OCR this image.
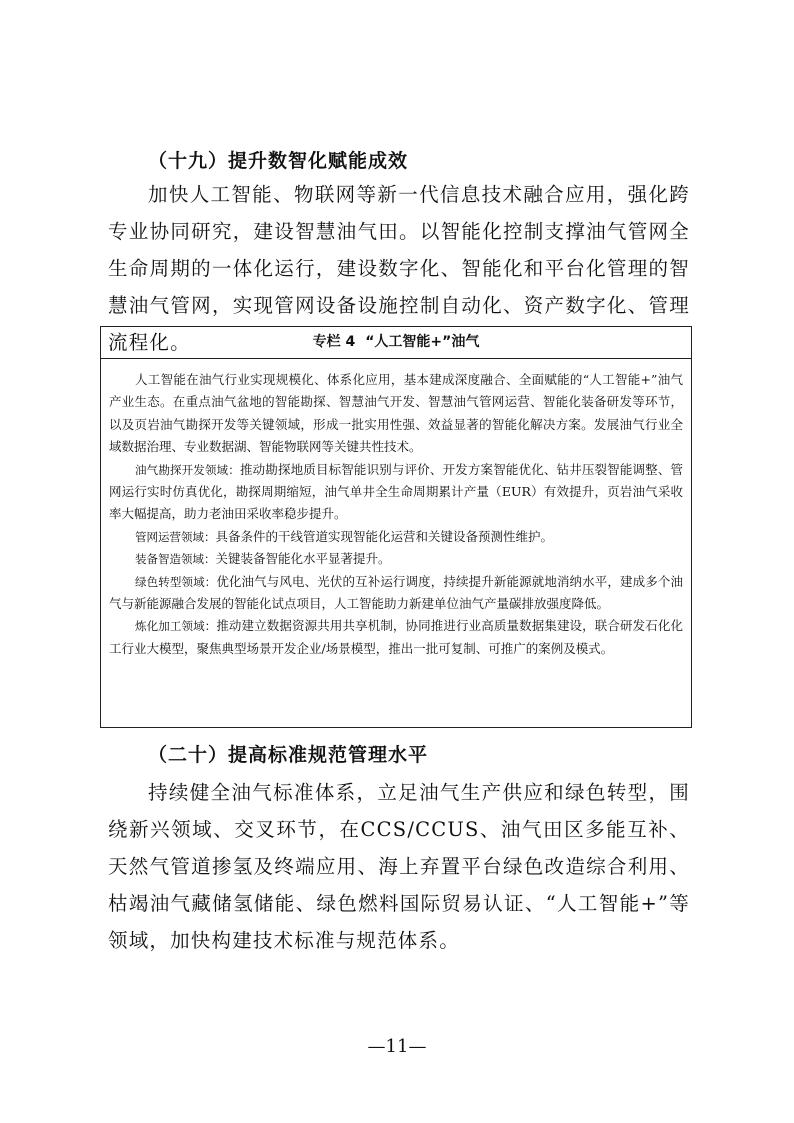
（十九）提升数智化赋能成效

加快人工智能、物联网等新一代信息技术融合应用，强化跨专业协同研究，建设智慧油气田。以智能化控制支撑油气管网全生命周期的一体化运行，建设数字化、智能化和平台化管理的智慧油气管网，实现管网设备设施控制自动化、资产数字化、管理流程化。	专栏 4 “人工智能+”油气

人工智能在油气行业实现规模化、体系化应用，基本建成深度融合、全面赋能的“人工智能+”油气产业生态。在重点油气盆地的智能勘探、智慧油气开发、智慧油气管网运营、智能化装备研发等环节，以及页岩油气勘探开发等关键领域，形成一批实用性强、效益显著的智能化解决方案。发展油气行业全域数据治理、专业数据湖、智能物联网等关键共性技术。

油气勘探开发领域：推动勘探地质目标智能识别与评价、开发方案智能优化、钻井压裂智能调整、管网运行实时仿真优化，勘探周期缩短，油气单井全生命周期累计产量（EUR）有效提升，页岩油气采收率大幅提高，助力老油田采收率稳步提升。

管网运营领域：具备条件的干线管道实现智能化运营和关键设备预测性维护。

装备智造领域：关键装备智能化水平显著提升。

绿色转型领域：优化油气与风电、光伏的互补运行调度，持续提升新能源就地消纳水平，建成多个油气与新能源融合发展的智能化试点项目，人工智能助力新建单位油气产量碳排放强度降低。

炼化加工领域：推动建立数据资源共用共享机制，协同推进行业高质量数据集建设，联合研发石化化工行业大模型，聚焦典型场景开发企业/场景模型，推出一批可复制、可推广的案例及模式。

（二十）提高标准规范管理水平

持续健全油气标准体系，立足油气生产供应和绿色转型，围绕新兴领域、交叉环节，在CCS/CCUS、油气田区多能互补、天然气管道掺氢及终端应用、海上弃置平台绿色改造综合利用、枯竭油气藏储氢储能、绿色燃料国际贸易认证、“人工智能+”等领域，加快构建技术标准与规范体系。

—11—
